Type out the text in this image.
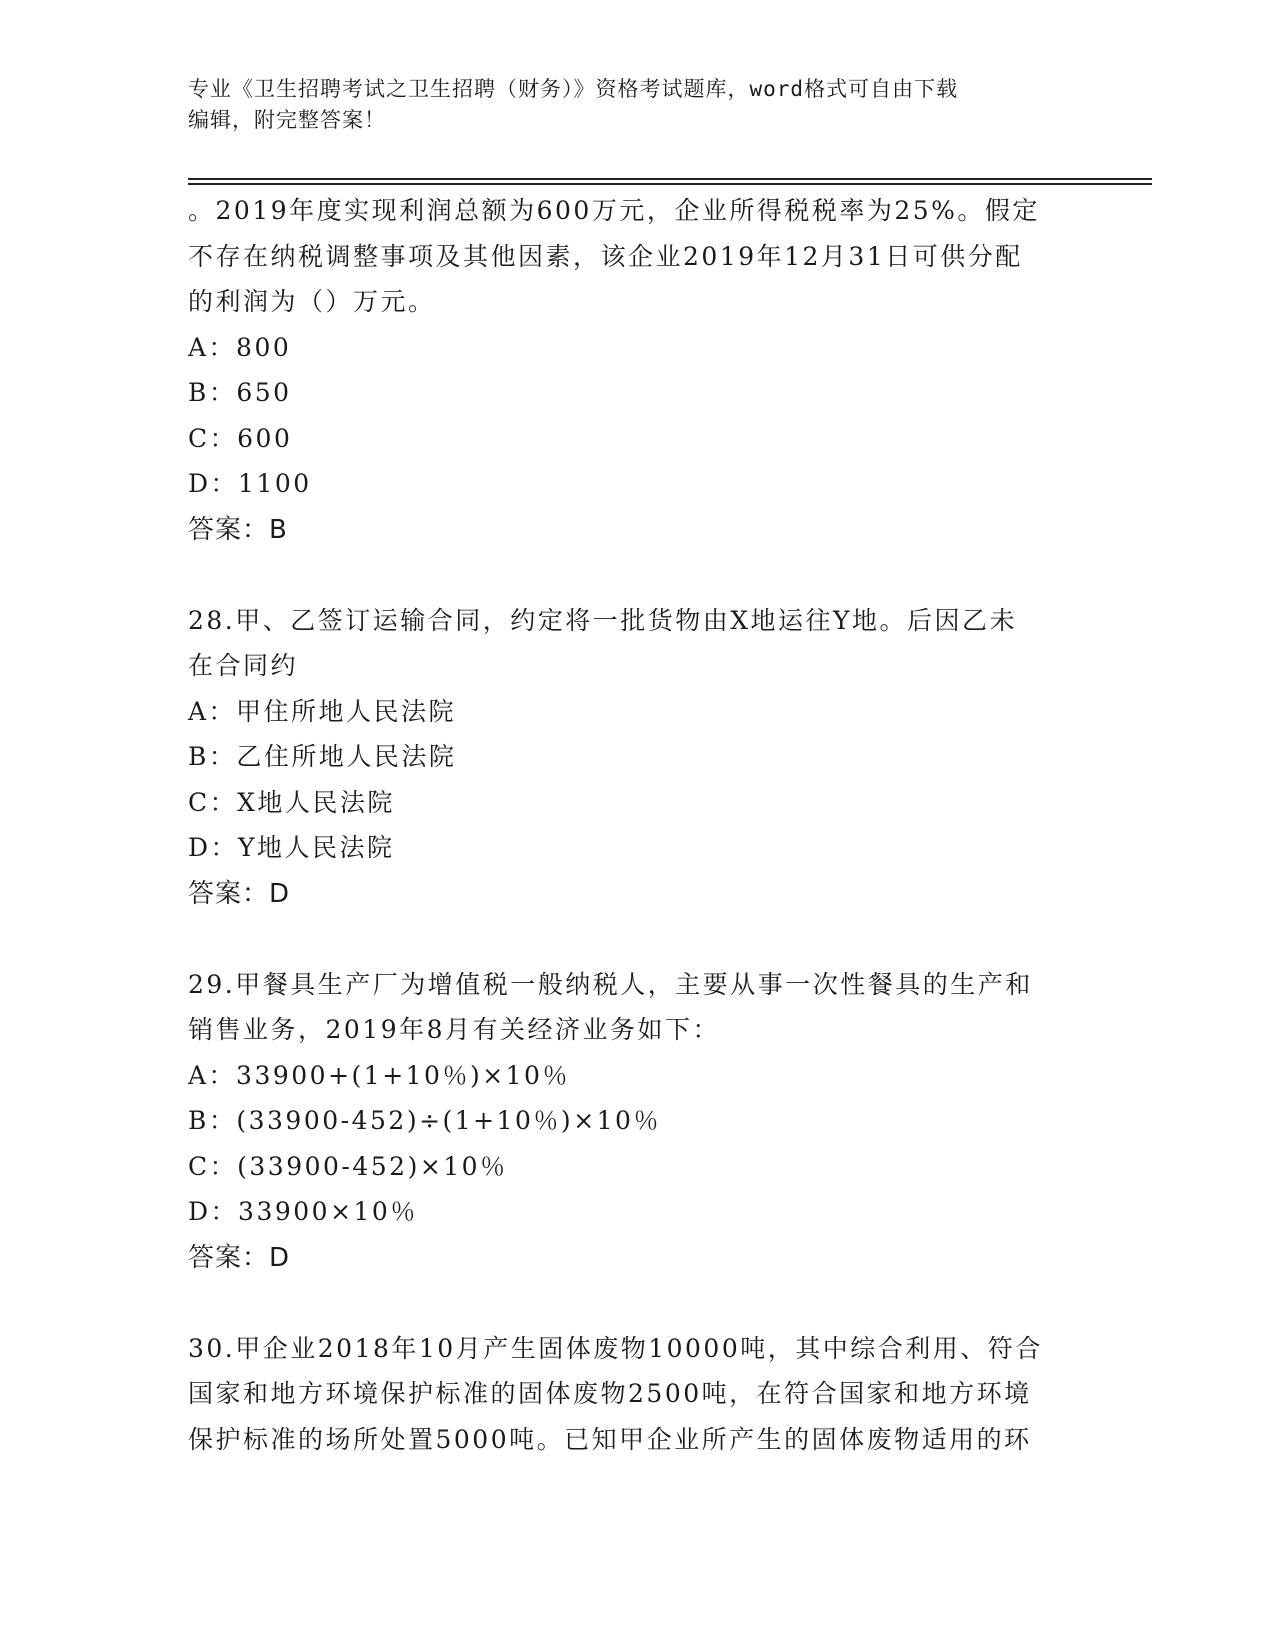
专业《卫生招聘考试之卫生招聘（财务）》资格考试题库，word格式可自由下载
编辑，附完整答案！
。2019年度实现利润总额为600万元，企业所得税税率为25%。假定
不存在纳税调整事项及其他因素，该企业2019年12月31日可供分配
的利润为（）万元。
A：800
B：650
C：600
D：1100
答案：B
28.甲、乙签订运输合同，约定将一批货物由X地运往Y地。后因乙未
在合同约
A：甲住所地人民法院
B：乙住所地人民法院
C：X地人民法院
D：Y地人民法院
答案：D
29.甲餐具生产厂为增值税一般纳税人，主要从事一次性餐具的生产和
销售业务，2019年8月有关经济业务如下：
A：33900+(1+10％)×10％
B：(33900-452)÷(1+10％)×10％
C：(33900-452)×10％
D：33900×10％
答案：D
30.甲企业2018年10月产生固体废物10000吨，其中综合利用、符合
国家和地方环境保护标准的固体废物2500吨，在符合国家和地方环境
保护标准的场所处置5000吨。已知甲企业所产生的固体废物适用的环
